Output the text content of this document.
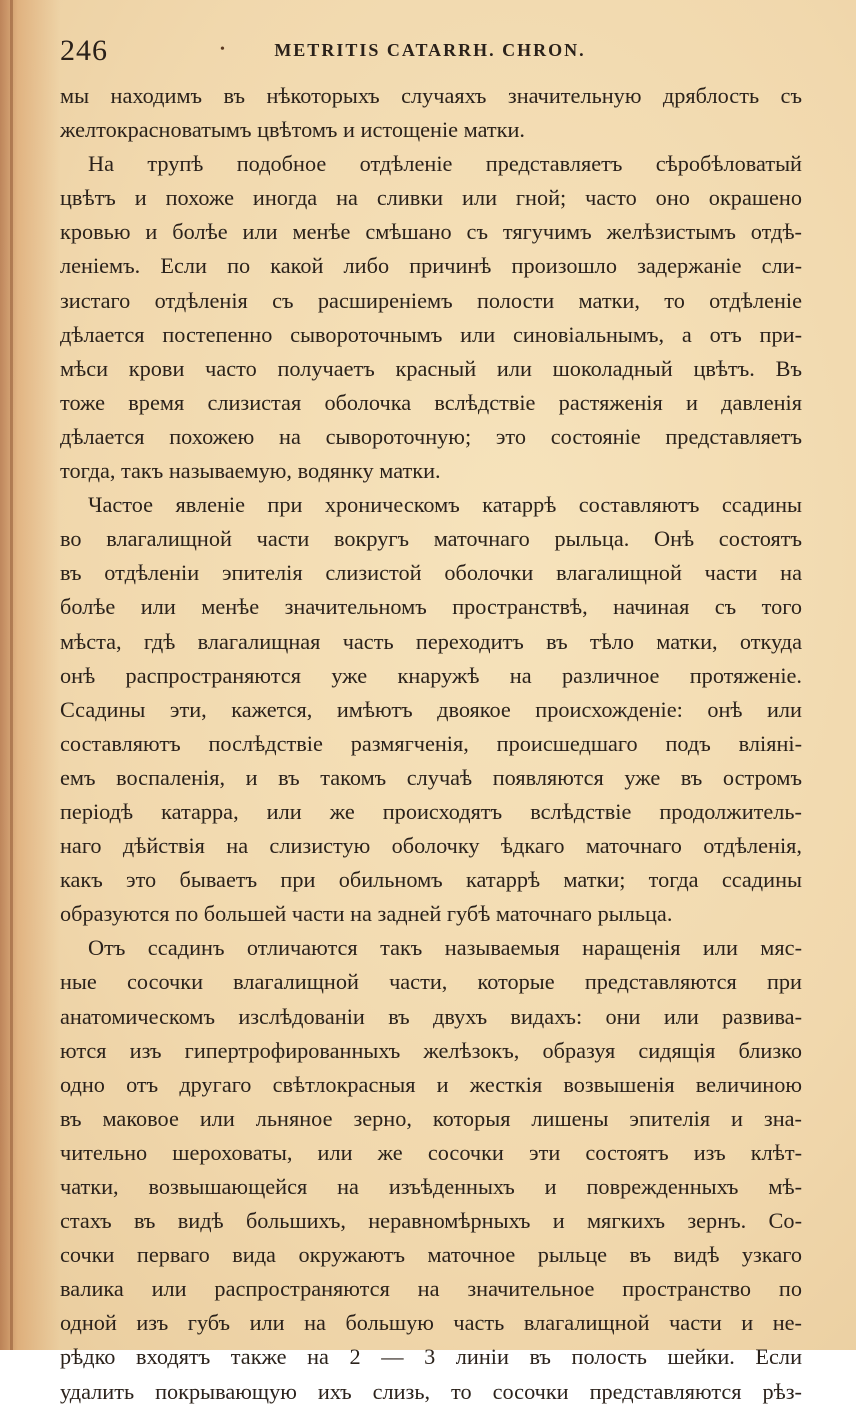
246	•	METRITIS CATARRH. CHRON.
мы находимъ въ нѣкоторыхъ случаяхъ значительную дряблость съ
желтокрасноватымъ цвѣтомъ и истощенiе матки.
На трупѣ подобное отдѣленiе представляетъ сѣробѣловатый
цвѣтъ и похоже иногда на сливки или гной; часто оно окрашено
кровью и болѣе или менѣе смѣшано съ тягучимъ желѣзистымъ отдѣ-
ленiемъ. Если по какой либо причинѣ произошло задержанiе сли-
зистаго отдѣленiя съ расширенiемъ полости матки, то отдѣленiе
дѣлается постепенно сывороточнымъ или синовiальнымъ, а отъ при-
мѣси крови часто получаетъ красный или шоколадный цвѣтъ. Въ
тоже время слизистая оболочка вслѣдствiе растяженiя и давленiя
дѣлается похожею на сывороточную; это состоянiе представляетъ
тогда, такъ называемую, водянку матки.
Частое явленiе при хроническомъ катаррѣ составляютъ ссадины
во влагалищной части вокругъ маточнаго рыльца. Онѣ состоятъ
въ отдѣленiи эпителiя слизистой оболочки влагалищной части на
болѣе или менѣе значительномъ пространствѣ, начиная съ того
мѣста, гдѣ влагалищная часть переходитъ въ тѣло матки, откуда
онѣ распространяются уже кнаружѣ на различное протяженiе.
Ссадины эти, кажется, имѣютъ двоякое происхожденiе: онѣ или
составляютъ послѣдствiе размягченiя, происшедшаго подъ влiянi-
емъ воспаленiя, и въ такомъ случаѣ появляются уже въ остромъ
перiодѣ катарра, или же происходятъ вслѣдствiе продолжитель-
наго дѣйствiя на слизистую оболочку ѣдкаго маточнаго отдѣленiя,
какъ это бываетъ при обильномъ катаррѣ матки; тогда ссадины
образуются по большей части на задней губѣ маточнаго рыльца.
Отъ ссадинъ отличаются такъ называемыя наращенiя или мяс-
ные сосочки влагалищной части, которые представляются при
анатомическомъ изслѣдованiи въ двухъ видахъ: они или развива-
ются изъ гипертрофированныхъ желѣзокъ, образуя сидящiя близко
одно отъ другаго свѣтлокрасныя и жесткiя возвышенiя величиною
въ маковое или льняное зерно, которыя лишены эпителiя и зна-
чительно шероховаты, или же сосочки эти состоятъ изъ клѣт-
чатки, возвышающейся на изъѣденныхъ и поврежденныхъ мѣ-
стахъ въ видѣ большихъ, неравномѣрныхъ и мягкихъ зернъ. Со-
сочки перваго вида окружаютъ маточное рыльце въ видѣ узкаго
валика или распространяются на значительное пространство по
одной изъ губъ или на большую часть влагалищной части и не-
рѣдко входятъ также на 2 — 3 линiи въ полость шейки. Если
удалить покрывающую ихъ слизь, то сосочки представляются рѣз-
